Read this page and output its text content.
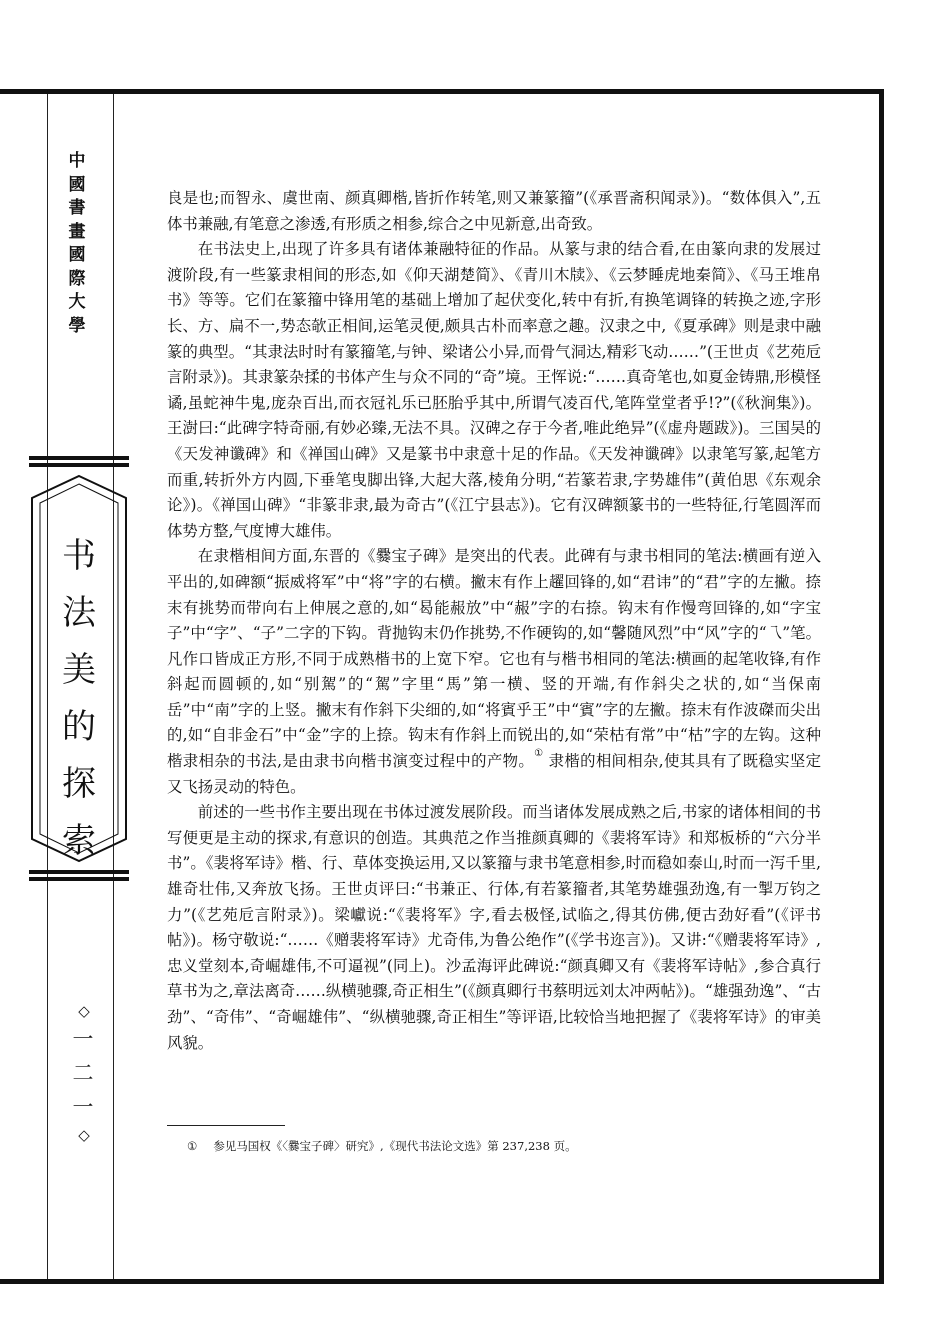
中國書畫國際大學
书法美的探索
◇
一二一
◇

良是也;而智永、虞世南、颜真卿楷,皆折作转笔,则又兼篆籀”(《承晋斋积闻录》)。“数体俱入”,五体书兼融,有笔意之渗透,有形质之相参,综合之中见新意,出奇致。

在书法史上,出现了许多具有诸体兼融特征的作品。从篆与隶的结合看,在由篆向隶的发展过渡阶段,有一些篆隶相间的形态,如《仰天湖楚简》、《青川木牍》、《云梦睡虎地秦简》、《马王堆帛书》等等。它们在篆籀中锋用笔的基础上增加了起伏变化,转中有折,有换笔调锋的转换之迹,字形长、方、扁不一,势态欹正相间,运笔灵便,颇具古朴而率意之趣。汉隶之中,《夏承碑》则是隶中融篆的典型。“其隶法时时有篆籀笔,与钟、梁诸公小异,而骨气洞达,精彩飞动……”(王世贞《艺苑卮言附录》)。其隶篆杂揉的书体产生与众不同的“奇”境。王恽说:“……真奇笔也,如夏金铸鼎,形模怪谲,虽蛇神牛鬼,庞杂百出,而衣冠礼乐已胚胎乎其中,所谓气凌百代,笔阵堂堂者乎!?”(《秋涧集》)。王澍曰:“此碑字特奇丽,有妙必臻,无法不具。汉碑之存于今者,唯此绝异”(《虚舟题跋》)。三国吴的《天发神谶碑》和《禅国山碑》又是篆书中隶意十足的作品。《天发神谶碑》以隶笔写篆,起笔方而重,转折外方内圆,下垂笔曳脚出锋,大起大落,棱角分明,“若篆若隶,字势雄伟”(黄伯思《东观余论》)。《禅国山碑》“非篆非隶,最为奇古”(《江宁县志》)。它有汉碑额篆书的一些特征,行笔圆浑而体势方整,气度博大雄伟。

在隶楷相间方面,东晋的《爨宝子碑》是突出的代表。此碑有与隶书相同的笔法:横画有逆入平出的,如碑额“振威将军”中“将”字的右横。撇末有作上趯回锋的,如“君讳”的“君”字的左撇。捺末有挑势而带向右上伸展之意的,如“曷能赧放”中“赧”字的右捺。钩末有作慢弯回锋的,如“字宝子”中“字”、“子”二字的下钩。背抛钩末仍作挑势,不作硬钩的,如“馨随风烈”中“风”字的“乁”笔。凡作口皆成正方形,不同于成熟楷书的上宽下窄。它也有与楷书相同的笔法:横画的起笔收锋,有作斜起而圆顿的,如“别駕”的“駕”字里“馬”第一横、竖的开端,有作斜尖之状的,如“当保南岳”中“南”字的上竖。撇末有作斜下尖细的,如“将賓乎王”中“賓”字的左撇。捺末有作波磔而尖出的,如“自非金石”中“金”字的上捺。钩末有作斜上而锐出的,如“荣枯有常”中“枯”字的左钩。这种楷隶相杂的书法,是由隶书向楷书演变过程中的产物。① 隶楷的相间相杂,使其具有了既稳实坚定又飞扬灵动的特色。

前述的一些书作主要出现在书体过渡发展阶段。而当诸体发展成熟之后,书家的诸体相间的书写便更是主动的探求,有意识的创造。其典范之作当推颜真卿的《裴将军诗》和郑板桥的“六分半书”。《裴将军诗》楷、行、草体变换运用,又以篆籀与隶书笔意相参,时而稳如泰山,时而一泻千里,雄奇壮伟,又奔放飞扬。王世贞评曰:“书兼正、行体,有若篆籀者,其笔势雄强劲逸,有一掣万钧之力”(《艺苑卮言附录》)。梁巘说:“《裴将军》字,看去极怪,试临之,得其仿佛,便古劲好看”(《评书帖》)。杨守敬说:“……《赠裴将军诗》尤奇伟,为鲁公绝作”(《学书迩言》)。又讲:“《赠裴将军诗》,忠义堂刻本,奇崛雄伟,不可逼视”(同上)。沙孟海评此碑说:“颜真卿又有《裴将军诗帖》,参合真行草书为之,章法离奇……纵横驰骤,奇正相生”(《颜真卿行书蔡明远刘太冲两帖》)。“雄强劲逸”、“古劲”、“奇伟”、“奇崛雄伟”、“纵横驰骤,奇正相生”等评语,比较恰当地把握了《裴将军诗》的审美风貌。

① 参见马国权《〈爨宝子碑〉研究》,《现代书法论文选》第 237,238 页。
